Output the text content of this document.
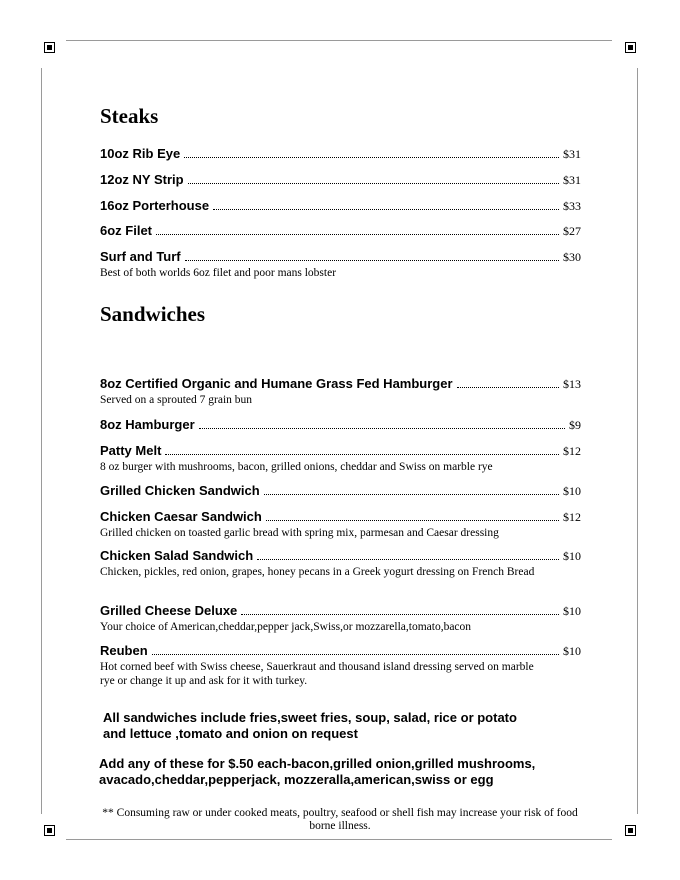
Steaks
10oz Rib Eye	$31
12oz NY Strip	$31
16oz Porterhouse	$33
6oz Filet	$27
Surf and Turf	$30
Best of both worlds 6oz filet and poor mans lobster
Sandwiches
8oz Certified Organic and Humane Grass Fed Hamburger	$13
Served on a sprouted 7 grain bun
8oz Hamburger	$9
Patty Melt	$12
8 oz burger with mushrooms, bacon, grilled onions, cheddar and Swiss on marble rye
Grilled Chicken Sandwich	$10
Chicken Caesar Sandwich	$12
Grilled chicken on toasted garlic bread with spring mix, parmesan and Caesar dressing
Chicken Salad Sandwich	$10
Chicken, pickles, red onion, grapes, honey pecans in a Greek yogurt dressing on French Bread
Grilled Cheese Deluxe	$10
Your choice of American,cheddar,pepper jack,Swiss,or mozzarella,tomato,bacon
Reuben	$10
Hot corned beef with Swiss cheese, Sauerkraut and thousand island dressing served on marble rye or change it up and ask for it with turkey.
All sandwiches include fries,sweet fries, soup, salad, rice or potato and lettuce ,tomato and onion on request
Add any of these for $.50 each-bacon,grilled onion,grilled mushrooms, avacado,cheddar,pepperjack, mozzeralla,american,swiss or egg
** Consuming raw or under cooked meats, poultry, seafood or shell fish may increase your risk of food borne illness.
